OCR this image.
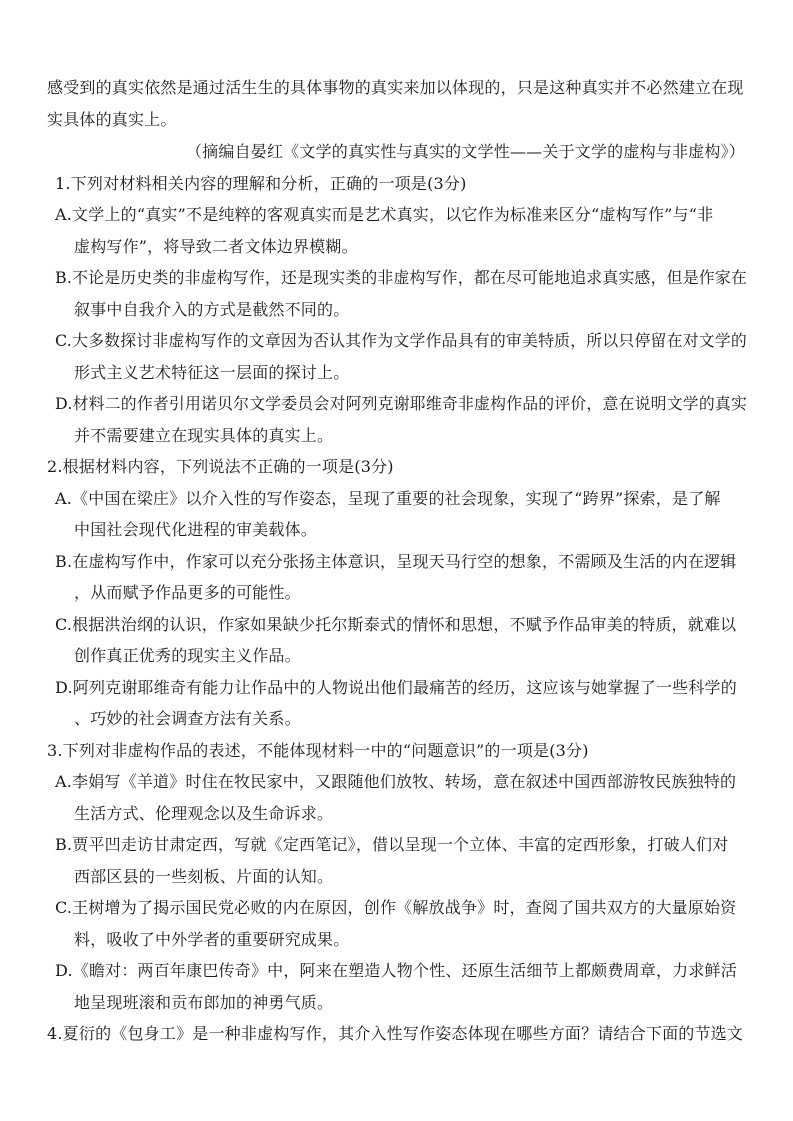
感受到的真实依然是通过活生生的具体事物的真实来加以体现的，只是这种真实并不必然建立在现
实具体的真实上。
（摘编自晏红《文学的真实性与真实的文学性——关于文学的虚构与非虚构》）
1.下列对材料相关内容的理解和分析，正确的一项是(3分)
A.文学上的“真实”不是纯粹的客观真实而是艺术真实，以它作为标准来区分“虚构写作”与“非
虚构写作”，将导致二者文体边界模糊。
B.不论是历史类的非虚构写作，还是现实类的非虚构写作，都在尽可能地追求真实感，但是作家在
叙事中自我介入的方式是截然不同的。
C.大多数探讨非虚构写作的文章因为否认其作为文学作品具有的审美特质，所以只停留在对文学的
形式主义艺术特征这一层面的探讨上。
D.材料二的作者引用诺贝尔文学委员会对阿列克谢耶维奇非虚构作品的评价，意在说明文学的真实
并不需要建立在现实具体的真实上。
2.根据材料内容，下列说法不正确的一项是(3分)
A.《中国在梁庄》以介入性的写作姿态，呈现了重要的社会现象，实现了“跨界”探索，是了解
中国社会现代化进程的审美载体。
B.在虚构写作中，作家可以充分张扬主体意识，呈现天马行空的想象，不需顾及生活的内在逻辑
，从而赋予作品更多的可能性。
C.根据洪治纲的认识，作家如果缺少托尔斯泰式的情怀和思想，不赋予作品审美的特质，就难以
创作真正优秀的现实主义作品。
D.阿列克谢耶维奇有能力让作品中的人物说出他们最痛苦的经历，这应该与她掌握了一些科学的
、巧妙的社会调查方法有关系。
3.下列对非虚构作品的表述，不能体现材料一中的“问题意识”的一项是(3分)
A.李娟写《羊道》时住在牧民家中，又跟随他们放牧、转场，意在叙述中国西部游牧民族独特的
生活方式、伦理观念以及生命诉求。
B.贾平凹走访甘肃定西，写就《定西笔记》，借以呈现一个立体、丰富的定西形象，打破人们对
西部区县的一些刻板、片面的认知。
C.王树增为了揭示国民党必败的内在原因，创作《解放战争》时，查阅了国共双方的大量原始资
料，吸收了中外学者的重要研究成果。
D.《瞻对：两百年康巴传奇》中，阿来在塑造人物个性、还原生活细节上都颇费周章，力求鲜活
地呈现班滚和贡布郎加的神勇气质。
4.夏衍的《包身工》是一种非虚构写作，其介入性写作姿态体现在哪些方面？请结合下面的节选文
